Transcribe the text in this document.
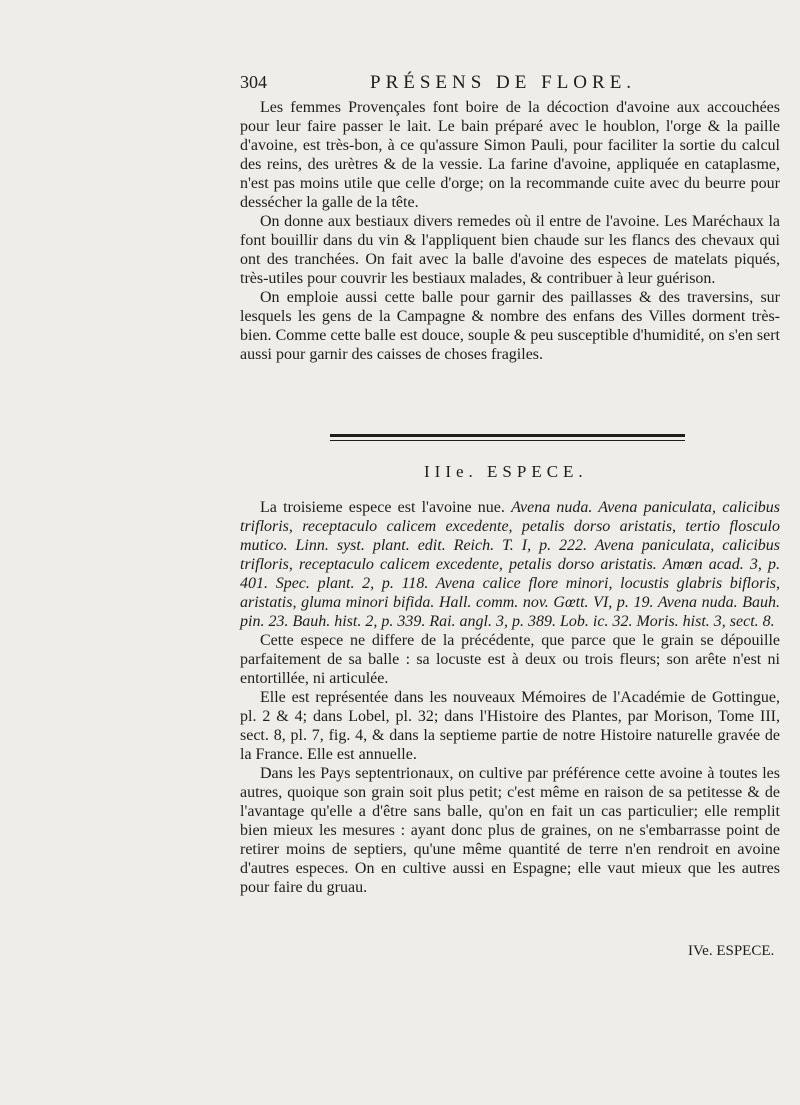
304	PRÉSENS DE FLORE.

Les femmes Provençales font boire de la décoction d'avoine aux accouchées pour leur faire passer le lait. Le bain préparé avec le houblon, l'orge & la paille d'avoine, est très-bon, à ce qu'assure Simon Pauli, pour faciliter la sortie du calcul des reins, des urètres & de la vessie. La farine d'avoine, appliquée en cataplasme, n'est pas moins utile que celle d'orge; on la recommande cuite avec du beurre pour dessécher la galle de la tête.

On donne aux bestiaux divers remedes où il entre de l'avoine. Les Maréchaux la font bouillir dans du vin & l'appliquent bien chaude sur les flancs des chevaux qui ont des tranchées. On fait avec la balle d'avoine des especes de matelats piqués, très-utiles pour couvrir les bestiaux malades, & contribuer à leur guérison.

On emploie aussi cette balle pour garnir des paillasses & des traversins, sur lesquels les gens de la Campagne & nombre des enfans des Villes dorment très-bien. Comme cette balle est douce, souple & peu susceptible d'humidité, on s'en sert aussi pour garnir des caisses de choses fragiles.

IIIe. ESPECE.

La troisieme espece est l'avoine nue. Avena nuda. Avena paniculata, calicibus trifloris, receptaculo calicem excedente, petalis dorso aristatis, tertio flosculo mutico. Linn. syst. plant. edit. Reich. T. I, p. 222. Avena paniculata, calicibus trifloris, receptaculo calicem excedente, petalis dorso aristatis. Amœn acad. 3, p. 401. Spec. plant. 2, p. 118. Avena calice flore minori, locustis glabris bifloris, aristatis, gluma minori bifida. Hall. comm. nov. Gœtt. VI, p. 19. Avena nuda. Bauh. pin. 23. Bauh. hist. 2, p. 339. Rai. angl. 3, p. 389. Lob. ic. 32. Moris. hist. 3, sect. 8.

Cette espece ne differe de la précédente, que parce que le grain se dépouille parfaitement de sa balle : sa locuste est à deux ou trois fleurs; son arête n'est ni entortillée, ni articulée.

Elle est représentée dans les nouveaux Mémoires de l'Académie de Gottingue, pl. 2 & 4; dans Lobel, pl. 32; dans l'Histoire des Plantes, par Morison, Tome III, sect. 8, pl. 7, fig. 4, & dans la septieme partie de notre Histoire naturelle gravée de la France. Elle est annuelle.

Dans les Pays septentrionaux, on cultive par préférence cette avoine à toutes les autres, quoique son grain soit plus petit; c'est même en raison de sa petitesse & de l'avantage qu'elle a d'être sans balle, qu'on en fait un cas particulier; elle remplit bien mieux les mesures : ayant donc plus de graines, on ne s'embarrasse point de retirer moins de septiers, qu'une même quantité de terre n'en rendroit en avoine d'autres especes. On en cultive aussi en Espagne; elle vaut mieux que les autres pour faire du gruau.

IVe. ESPECE.
